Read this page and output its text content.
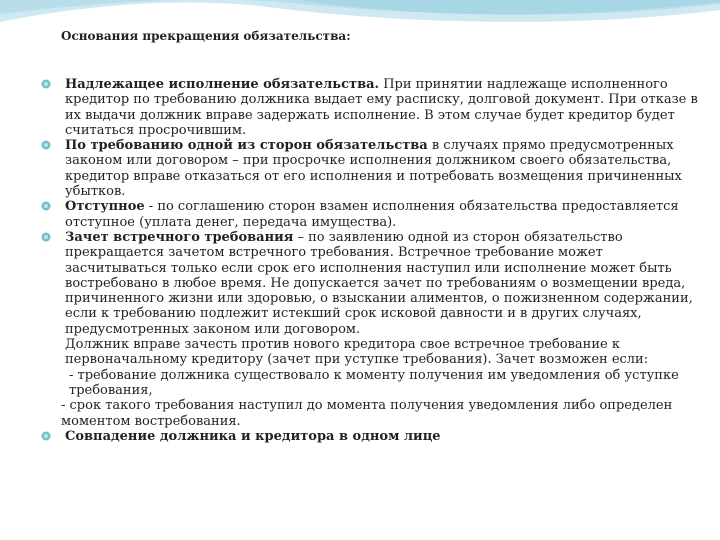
Основания прекращения обязательства:
Надлежащее исполнение обязательства. При принятии надлежаще исполненного кредитор по требованию должника выдает ему расписку, долговой документ. При отказе в их выдачи должник вправе задержать исполнение. В этом случае будет кредитор будет считаться просрочившим.
По требованию одной из сторон обязательства в случаях прямо предусмотренных законом или договором – при просрочке исполнения должником своего обязательства, кредитор вправе отказаться от его исполнения и потребовать возмещения причиненных убытков.
Отступное - по соглашению сторон взамен исполнения обязательства предоставляется отступное (уплата денег, передача имущества).
Зачет встречного требования – по заявлению одной из сторон обязательство прекращается зачетом встречного требования. Встречное требование может засчитываться только если срок его исполнения наступил или исполнение может быть востребовано в любое время. Не допускается зачет по требованиям о возмещении вреда, причиненного жизни или здоровью, о взыскании алиментов, о пожизненном содержании, если к требованию подлежит истекший срок исковой давности и в других случаях, предусмотренных законом или договором.

Должник вправе зачесть против нового кредитора свое встречное требование к первоначальному кредитору (зачет при уступке требования). Зачет возможен если:

- требование должника существовало к моменту получения им уведомления об уступке требования,

- срок такого требования наступил до момента получения уведомления либо определен моментом востребования.

Совпадение должника и кредитора в одном лице
